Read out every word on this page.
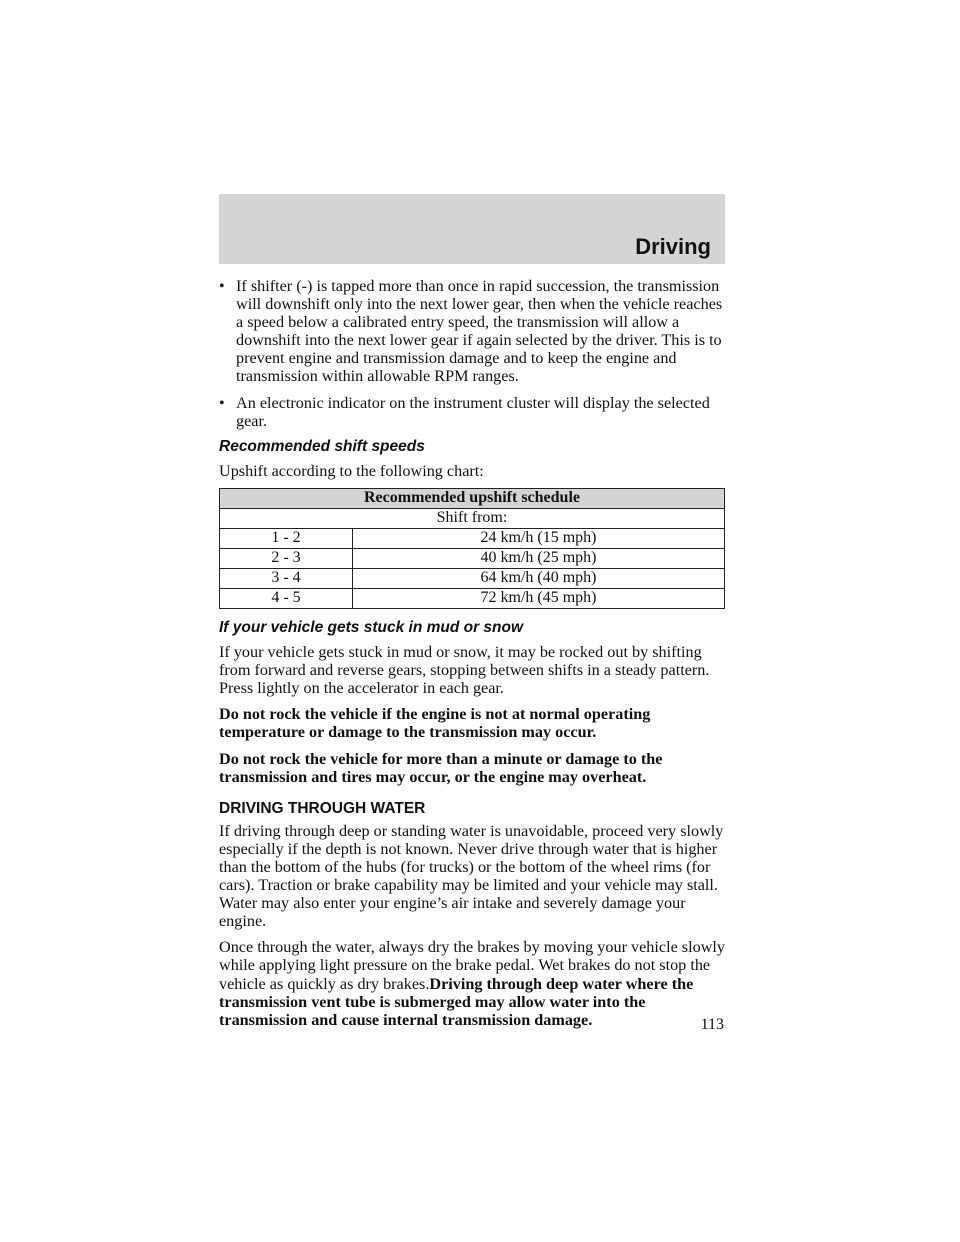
Driving
• If shifter (-) is tapped more than once in rapid succession, the transmission will downshift only into the next lower gear, then when the vehicle reaches a speed below a calibrated entry speed, the transmission will allow a downshift into the next lower gear if again selected by the driver. This is to prevent engine and transmission damage and to keep the engine and transmission within allowable RPM ranges.
• An electronic indicator on the instrument cluster will display the selected gear.
Recommended shift speeds

Upshift according to the following chart:

Recommended upshift schedule	
Shift from:	
1 - 2	24 km/h (15 mph)
2 - 3	40 km/h (25 mph)
3 - 4	64 km/h (40 mph)
4 - 5	72 km/h (45 mph)
If your vehicle gets stuck in mud or snow

If your vehicle gets stuck in mud or snow, it may be rocked out by shifting from forward and reverse gears, stopping between shifts in a steady pattern. Press lightly on the accelerator in each gear.

Do not rock the vehicle if the engine is not at normal operating temperature or damage to the transmission may occur.

Do not rock the vehicle for more than a minute or damage to the transmission and tires may occur, or the engine may overheat.

DRIVING THROUGH WATER

If driving through deep or standing water is unavoidable, proceed very slowly especially if the depth is not known. Never drive through water that is higher than the bottom of the hubs (for trucks) or the bottom of the wheel rims (for cars). Traction or brake capability may be limited and your vehicle may stall. Water may also enter your engine’s air intake and severely damage your engine.

Once through the water, always dry the brakes by moving your vehicle slowly while applying light pressure on the brake pedal. Wet brakes do not stop the vehicle as quickly as dry brakes.Driving through deep water where the transmission vent tube is submerged may allow water into the transmission and cause internal transmission damage.	113
